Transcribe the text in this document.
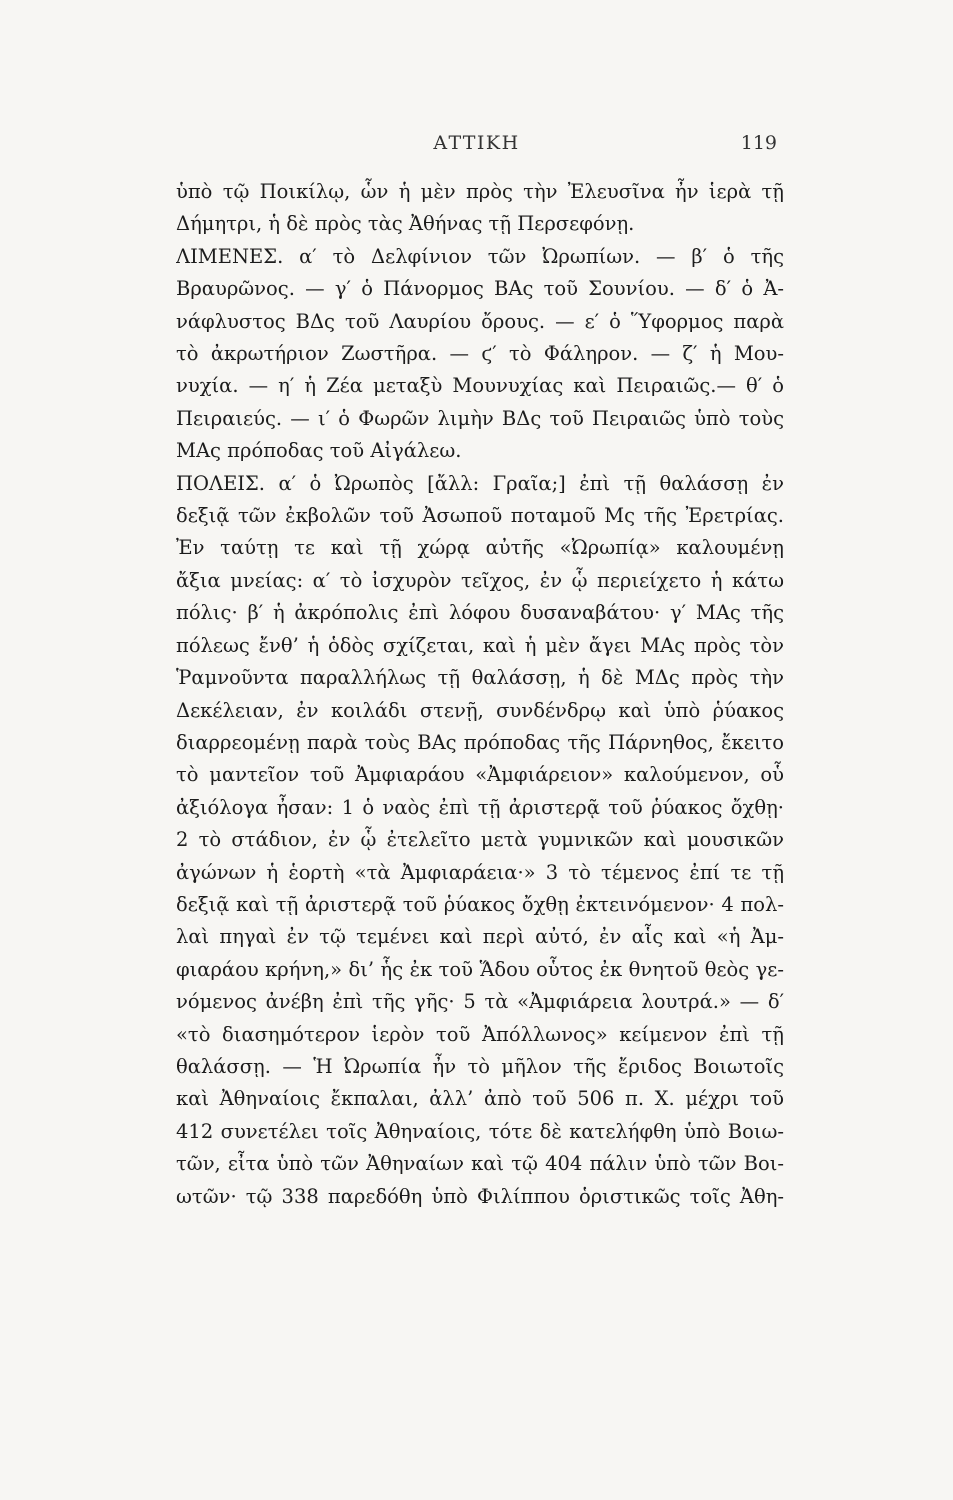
ΑΤΤΙΚΗ	119
ὑπὸ τῷ Ποικίλῳ, ὧν ἡ μὲν πρὸς τὴν Ἐλευσῖνα ἦν ἱερὰ τῇ
Δήμητρι, ἡ δὲ πρὸς τὰς Ἀθήνας τῇ Περσεφόνῃ.
ΛΙΜΕΝΕΣ. α′ τὸ Δελφίνιον τῶν Ὠρωπίων. — β′ ὁ τῆς
Βραυρῶνος. — γ′ ὁ Πάνορμος ΒΑς τοῦ Σουνίου. — δ′ ὁ Ἀ-
νάφλυστος ΒΔς τοῦ Λαυρίου ὄρους. — ε′ ὁ Ὕφορμος παρὰ
τὸ ἀκρωτήριον Ζωστῆρα. — ϛ′ τὸ Φάληρον. — ζ′ ἡ Μου-
νυχία. — η′ ἡ Ζέα μεταξὺ Μουνυχίας καὶ Πειραιῶς.— θ′ ὁ
Πειραιεύς. — ι′ ὁ Φωρῶν λιμὴν ΒΔς τοῦ Πειραιῶς ὑπὸ τοὺς
ΜΑς πρόποδας τοῦ Αἰγάλεω.
ΠΟΛΕΙΣ. α′ ὁ Ὠρωπὸς [ἄλλ: Γραῖα;] ἐπὶ τῇ θαλάσσῃ ἐν
δεξιᾷ τῶν ἐκβολῶν τοῦ Ἀσωποῦ ποταμοῦ Μς τῆς Ἐρετρίας.
Ἐν ταύτῃ τε καὶ τῇ χώρᾳ αὐτῆς «Ὠρωπίᾳ» καλουμένῃ
ἄξια μνείας: α′ τὸ ἰσχυρὸν τεῖχος, ἐν ᾧ περιείχετο ἡ κάτω
πόλις· β′ ἡ ἀκρόπολις ἐπὶ λόφου δυσαναβάτου· γ′ ΜΑς τῆς
πόλεως ἔνθ’ ἡ ὁδὸς σχίζεται, καὶ ἡ μὲν ἄγει ΜΑς πρὸς τὸν
Ῥαμνοῦντα παραλλήλως τῇ θαλάσσῃ, ἡ δὲ ΜΔς πρὸς τὴν
Δεκέλειαν, ἐν κοιλάδι στενῇ, συνδένδρῳ καὶ ὑπὸ ῥύακος
διαρρεομένῃ παρὰ τοὺς ΒΑς πρόποδας τῆς Πάρνηθος, ἔκειτο
τὸ μαντεῖον τοῦ Ἀμφιαράου «Ἀμφιάρειον» καλούμενον, οὗ
ἀξιόλογα ἦσαν: 1 ὁ ναὸς ἐπὶ τῇ ἀριστερᾷ τοῦ ῥύακος ὄχθῃ·
2 τὸ στάδιον, ἐν ᾧ ἐτελεῖτο μετὰ γυμνικῶν καὶ μουσικῶν
ἀγώνων ἡ ἑορτὴ «τὰ Ἀμφιαράεια·» 3 τὸ τέμενος ἐπί τε τῇ
δεξιᾷ καὶ τῇ ἀριστερᾷ τοῦ ῥύακος ὄχθῃ ἐκτεινόμενον· 4 πολ-
λαὶ πηγαὶ ἐν τῷ τεμένει καὶ περὶ αὐτό, ἐν αἷς καὶ «ἡ Ἀμ-
φιαράου κρήνη,» δι’ ἧς ἐκ τοῦ Ἅδου οὗτος ἐκ θνητοῦ θεὸς γε-
νόμενος ἀνέβη ἐπὶ τῆς γῆς· 5 τὰ «Ἀμφιάρεια λουτρά.» — δ′
«τὸ διασημότερον ἱερὸν τοῦ Ἀπόλλωνος» κείμενον ἐπὶ τῇ
θαλάσσῃ. — Ἡ Ὠρωπία ἦν τὸ μῆλον τῆς ἔριδος Βοιωτοῖς
καὶ Ἀθηναίοις ἔκπαλαι, ἀλλ’ ἀπὸ τοῦ 506 π. Χ. μέχρι τοῦ
412 συνετέλει τοῖς Ἀθηναίοις, τότε δὲ κατελήφθη ὑπὸ Βοιω-
τῶν, εἶτα ὑπὸ τῶν Ἀθηναίων καὶ τῷ 404 πάλιν ὑπὸ τῶν Βοι-
ωτῶν· τῷ 338 παρεδόθη ὑπὸ Φιλίππου ὁριστικῶς τοῖς Ἀθη-
